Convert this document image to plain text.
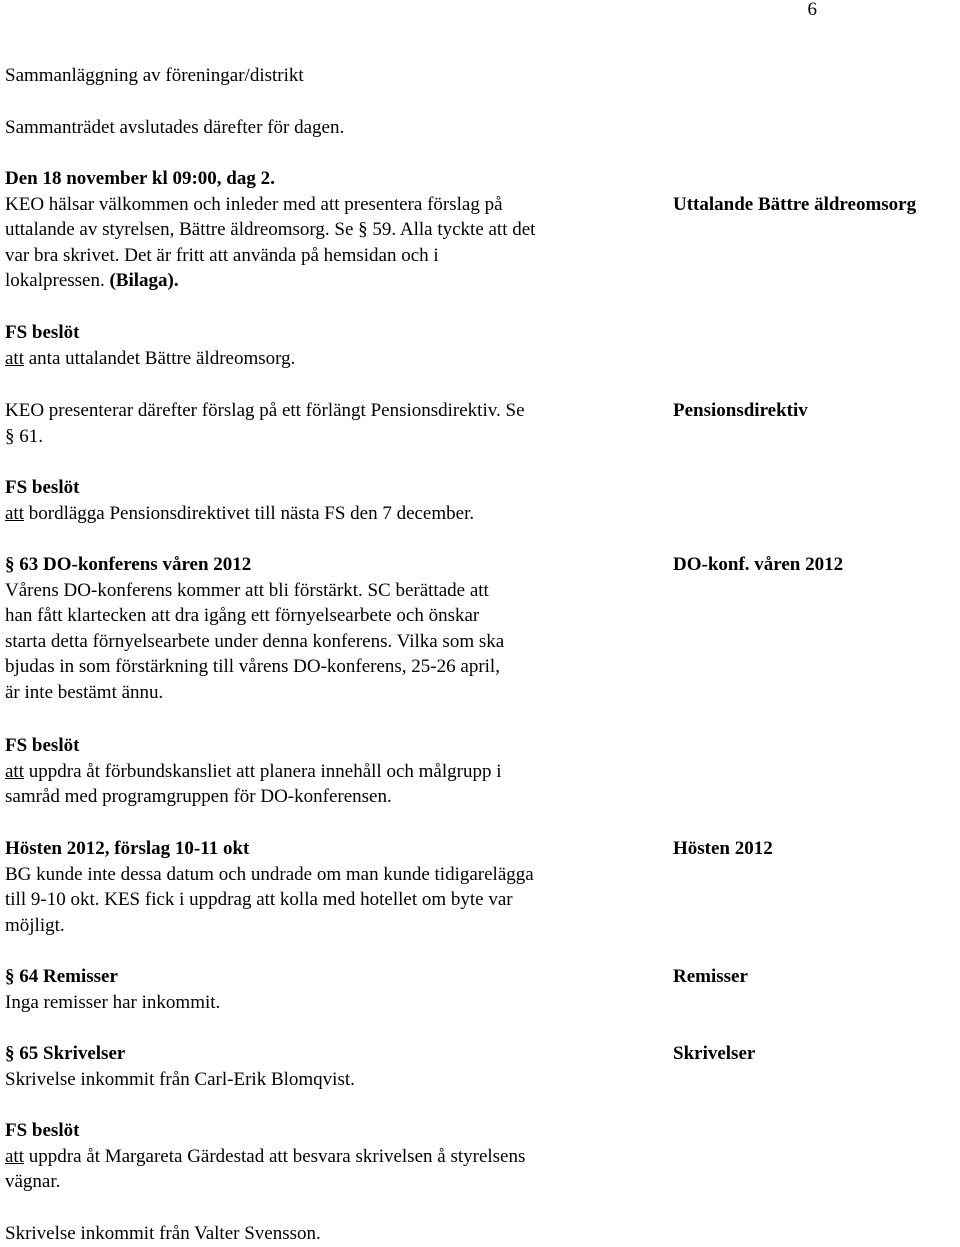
6

Sammanläggning av föreningar/distrikt

Sammanträdet avslutades därefter för dagen.

Den 18 november kl 09:00, dag 2.
KEO hälsar välkommen och inleder med att presentera förslag på
uttalande av styrelsen, Bättre äldreomsorg. Se § 59. Alla tyckte att det
var bra skrivet. Det är fritt att använda på hemsidan och i
lokalpressen. (Bilaga).
FS beslöt
att anta uttalandet Bättre äldreomsorg.
KEO presenterar därefter förslag på ett förlängt Pensionsdirektiv. Se
§ 61.
FS beslöt
att bordlägga Pensionsdirektivet till nästa FS den 7 december.
§ 63 DO-konferens våren 2012
Vårens DO-konferens kommer att bli förstärkt. SC berättade att
han fått klartecken att dra igång ett förnyelsearbete och önskar
starta detta förnyelsearbete under denna konferens. Vilka som ska
bjudas in som förstärkning till vårens DO-konferens, 25-26 april,
är inte bestämt ännu.
FS beslöt
att uppdra åt förbundskansliet att planera innehåll och målgrupp i
samråd med programgruppen för DO-konferensen.
Hösten 2012, förslag 10-11 okt
BG kunde inte dessa datum och undrade om man kunde tidigarelägga
till 9-10 okt. KES fick i uppdrag att kolla med hotellet om byte var
möjligt.
§ 64 Remisser
Inga remisser har inkommit.
§ 65 Skrivelser
Skrivelse inkommit från Carl-Erik Blomqvist.
FS beslöt
att uppdra åt Margareta Gärdestad att besvara skrivelsen å styrelsens
vägnar.

Skrivelse inkommit från Valter Svensson.

Uttalande Bättre äldreomsorg
Pensionsdirektiv
DO-konf. våren 2012
Hösten 2012
Remisser
Skrivelser
